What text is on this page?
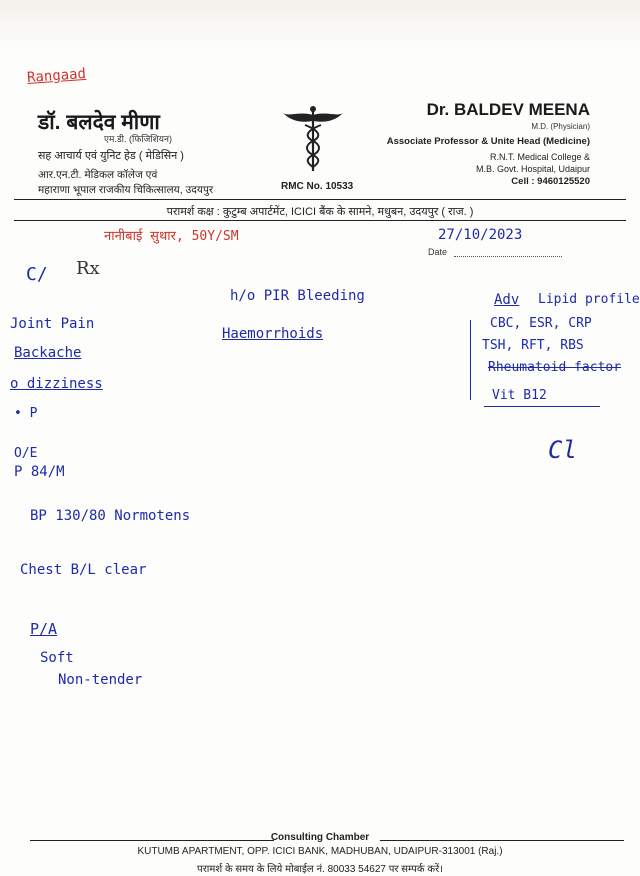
Rangaad
डॉ. बलदेव मीणा
एम.डी. (फिजिशियन)
सह आचार्य एवं युनिट हेड ( मेडिसिन )
आर.एन.टी. मेडिकल कॉलेज एवं
महाराणा भूपाल राजकीय चिकित्सालय, उदयपुर	RMC No. 10533
Dr. BALDEV MEENA
M.D. (Physician)
Associate Professor & Unite Head (Medicine)
R.N.T. Medical College &
M.B. Govt. Hospital, Udaipur
Cell : 9460125520
परामर्श कक्ष : कुटुम्ब अपार्टमेंट, ICICI बैंक के सामने, मधुबन, उदयपुर ( राज. )
नानीबाई सुथार, 50Y/SM	27/10/2023
Date
C/ Rx
Joint Pain
Backache
o dizziness
• P
O/E
P 84/M
BP 130/80 Normotens
Chest B/L clear
P/A
Soft
Non-tender
h/o PIR Bleeding
Haemorrhoids
Adv Lipid profile
CBC, ESR, CRP
TSH, RFT, RBS
Rheumatoid factor
Vit B12
Cl
Consulting Chamber
KUTUMB APARTMENT, OPP. ICICI BANK, MADHUBAN, UDAIPUR-313001 (Raj.)
परामर्श के समय के लिये मोबाईल नं. 80033 54627 पर सम्पर्क करें।
